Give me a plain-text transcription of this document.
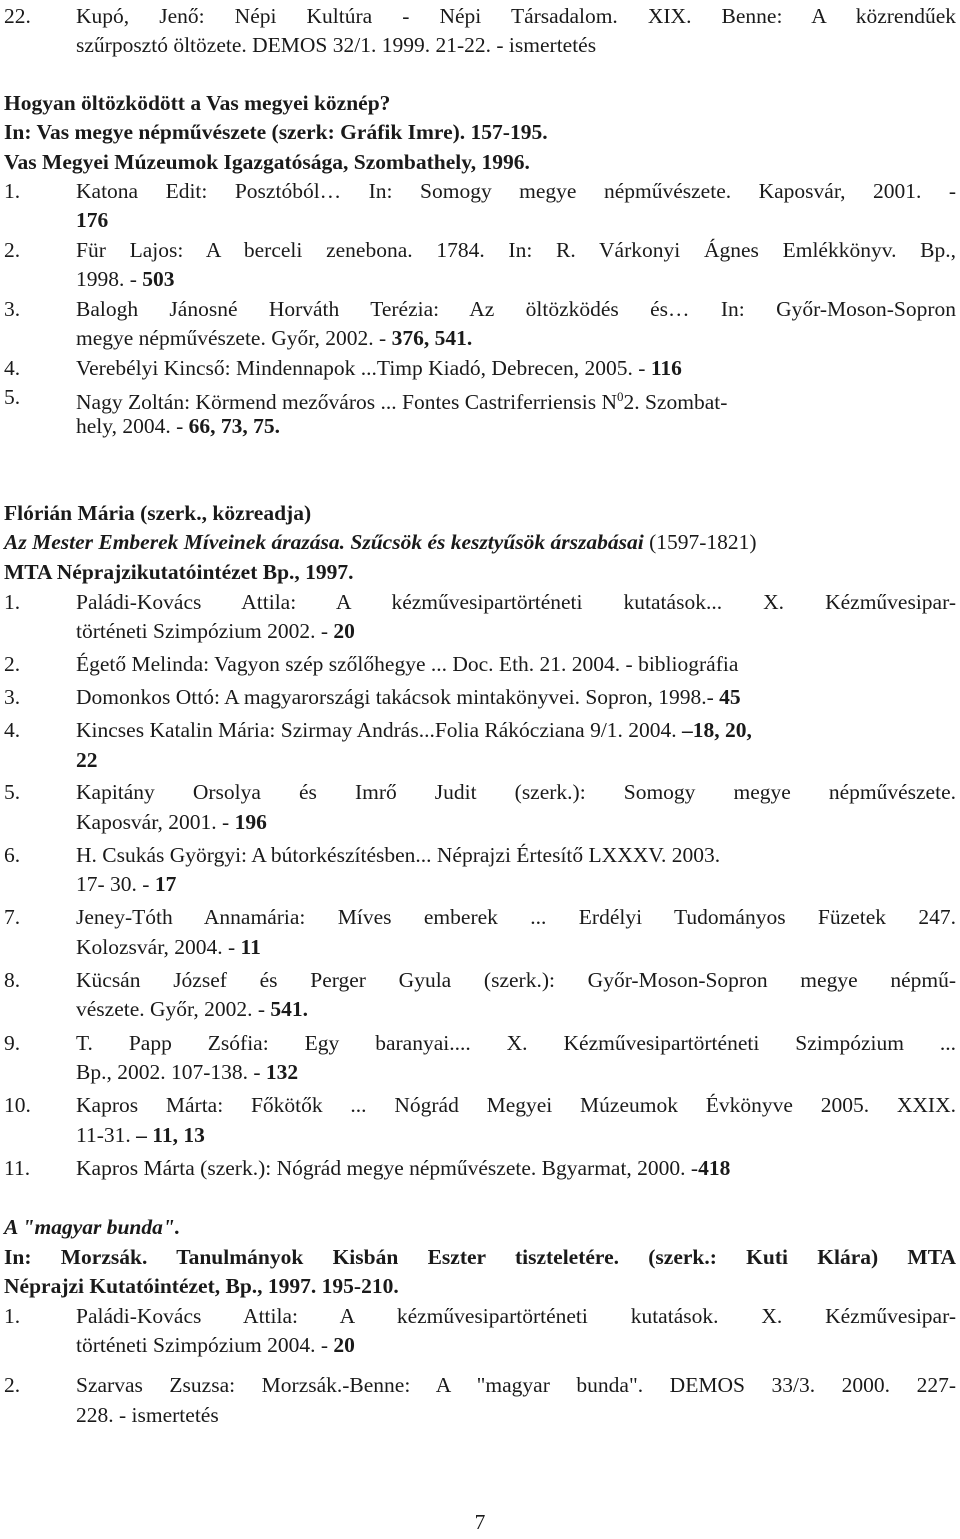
22. Kupó, Jenő: Népi Kultúra - Népi Társadalom. XIX. Benne: A közrendűek
szűrposztó öltözete. DEMOS 32/1. 1999. 21-22. - ismertetés
Hogyan öltözködött a Vas megyei köznép?
In: Vas megye népművészete (szerk: Gráfik Imre). 157-195.
Vas Megyei Múzeumok Igazgatósága, Szombathely, 1996.
1.	Katona Edit: Posztóból… In: Somogy megye népművészete. Kaposvár, 2001. -
176
2.	Für Lajos: A berceli zenebona. 1784. In: R. Várkonyi Ágnes Emlékkönyv. Bp.,
1998. - 503
3.	Balogh Jánosné Horváth Terézia: Az öltözködés és… In: Győr-Moson-Sopron
megye népművészete. Győr, 2002. - 376, 541.
4.	Verebélyi Kincső: Mindennapok ...Timp Kiadó, Debrecen, 2005. - 116
5.	Nagy Zoltán: Körmend mezőváros ... Fontes Castriferriensis $N^02$. Szombat-
hely, 2004. - 66, 73, 75.
Flórián Mária (szerk., közreadja)
Az Mester Emberek Míveinek árazása. Szűcsök és kesztyűsök árszabásai (1597-1821)
MTA Néprajzikutatóintézet Bp., 1997.
1.	Paládi-Kovács Attila: A kézművesipartörténeti kutatások... X. Kézművesipar-
történeti Szimpózium 2002. - 20
2.	Égető Melinda: Vagyon szép szőlőhegye ... Doc. Eth. 21. 2004. - bibliográfia
3.	Domonkos Ottó: A magyarországi takácsok mintakönyvei. Sopron, 1998.- 45
4.	Kincses Katalin Mária: Szirmay András...Folia Rákócziana 9/1. 2004. –18, 20,
22
5.	Kapitány Orsolya és Imrő Judit (szerk.): Somogy megye népművészete.
Kaposvár, 2001. - 196
6.	H. Csukás Györgyi: A bútorkészítésben... Néprajzi Értesítő LXXXV. 2003.
17- 30. - 17
7.	Jeney-Tóth Annamária: Míves emberek ... Erdélyi Tudományos Füzetek 247.
Kolozsvár, 2004. - 11
8.	Kücsán József és Perger Gyula (szerk.): Győr-Moson-Sopron megye népmű-
vészete. Győr, 2002. - 541.
9.	T. Papp Zsófia: Egy baranyai.... X. Kézművesipartörténeti Szimpózium ...
Bp., 2002. 107-138. - 132
10. Kapros Márta: Főkötők ... Nógrád Megyei Múzeumok Évkönyve 2005. XXIX.
11-31. – 11, 13
11. Kapros Márta (szerk.): Nógrád megye népművészete. Bgyarmat, 2000. -418
A "magyar bunda".
In: Morzsák. Tanulmányok Kisbán Eszter tiszteletére. (szerk.: Kuti Klára) MTA
Néprajzi Kutatóintézet, Bp., 1997. 195-210.
1.	Paládi-Kovács Attila: A kézművesipartörténeti kutatások. X. Kézművesipar-
történeti Szimpózium 2004. - 20
2.	Szarvas Zsuzsa: Morzsák.-Benne: A "magyar bunda". DEMOS 33/3. 2000. 227-
228. - ismertetés
7
